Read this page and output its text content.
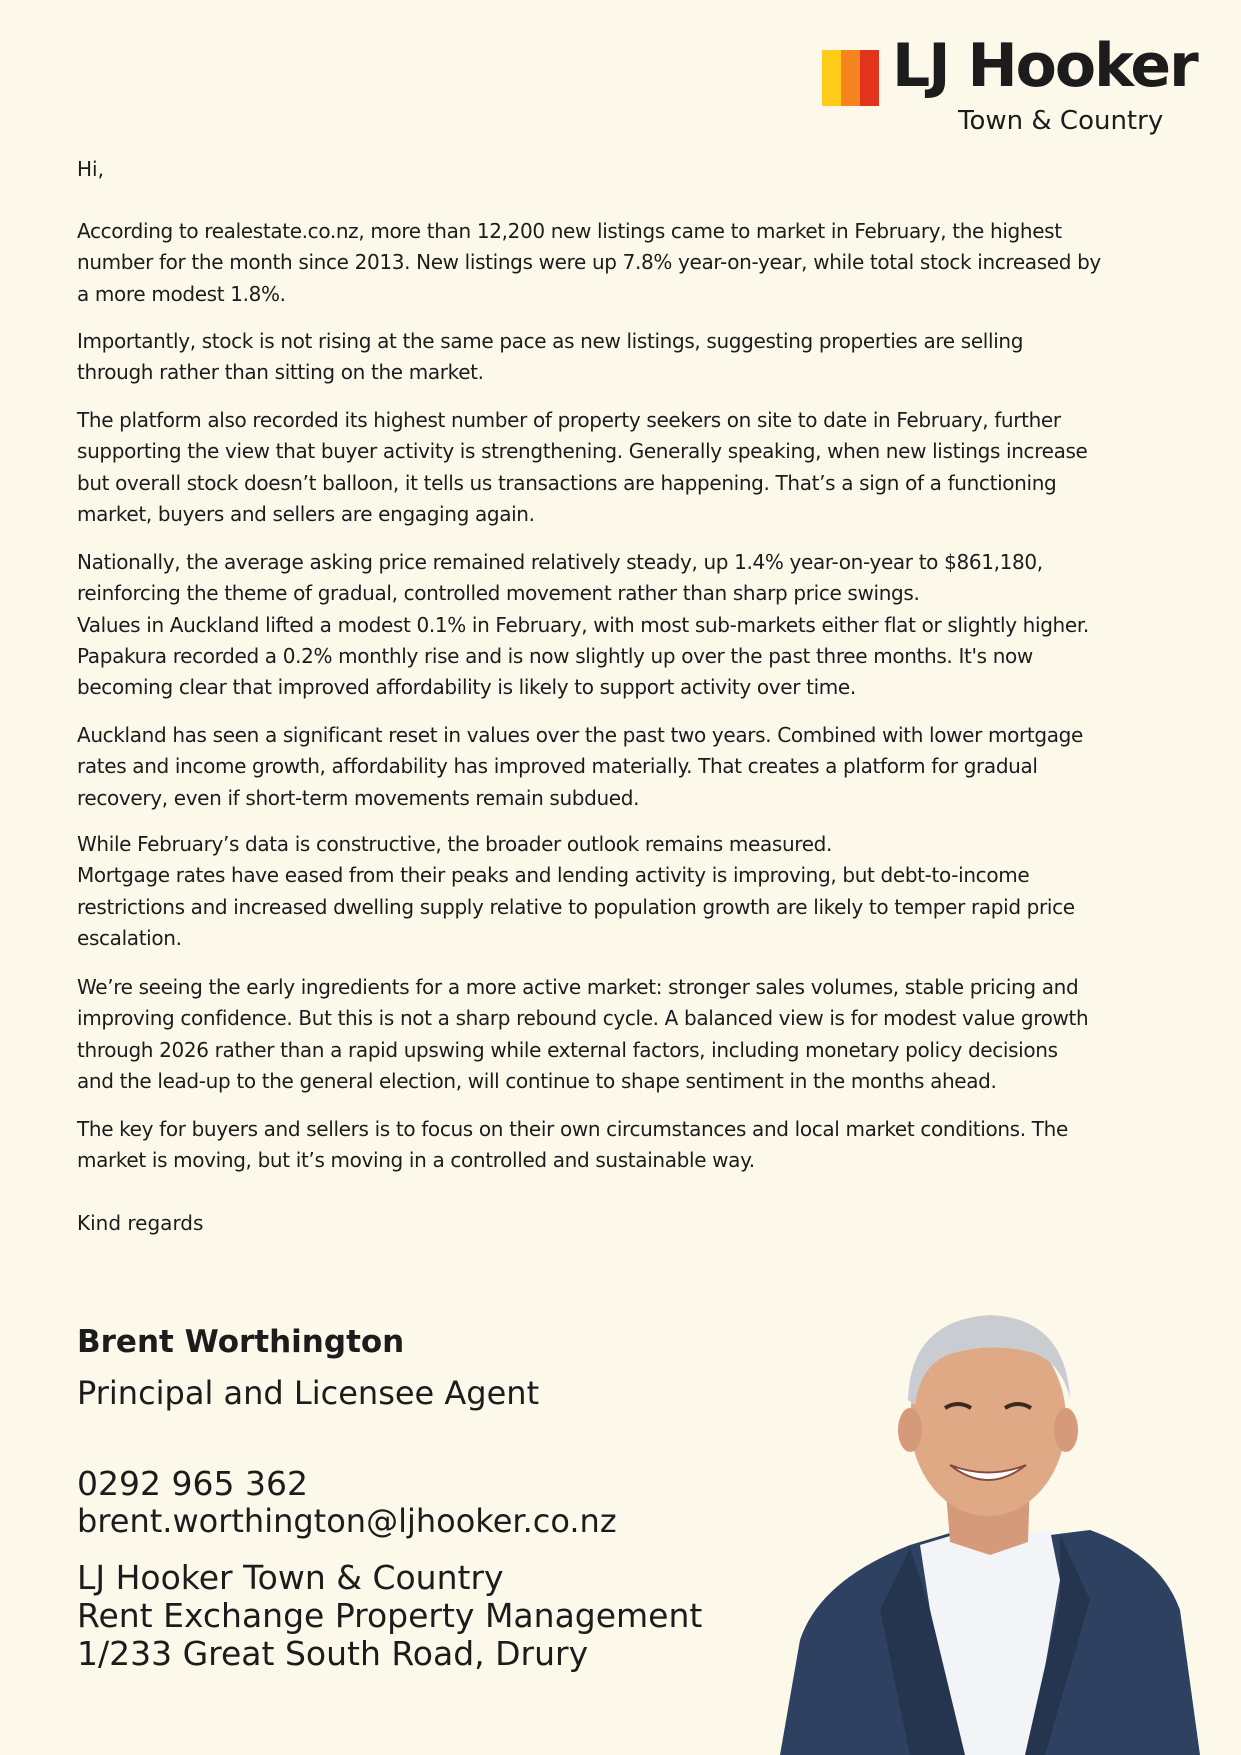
LJ Hooker
Town & Country
Hi,

According to realestate.co.nz, more than 12,200 new listings came to market in February, the highest
number for the month since 2013. New listings were up 7.8% year-on-year, while total stock increased by
a more modest 1.8%.

Importantly, stock is not rising at the same pace as new listings, suggesting properties are selling
through rather than sitting on the market.

The platform also recorded its highest number of property seekers on site to date in February, further
supporting the view that buyer activity is strengthening. Generally speaking, when new listings increase
but overall stock doesn’t balloon, it tells us transactions are happening. That’s a sign of a functioning
market, buyers and sellers are engaging again.

Nationally, the average asking price remained relatively steady, up 1.4% year-on-year to $861,180,
reinforcing the theme of gradual, controlled movement rather than sharp price swings.
Values in Auckland lifted a modest 0.1% in February, with most sub-markets either flat or slightly higher.
Papakura recorded a 0.2% monthly rise and is now slightly up over the past three months. It's now
becoming clear that improved affordability is likely to support activity over time.

Auckland has seen a significant reset in values over the past two years. Combined with lower mortgage
rates and income growth, affordability has improved materially. That creates a platform for gradual
recovery, even if short-term movements remain subdued.

While February’s data is constructive, the broader outlook remains measured.
Mortgage rates have eased from their peaks and lending activity is improving, but debt-to-income
restrictions and increased dwelling supply relative to population growth are likely to temper rapid price
escalation.

We’re seeing the early ingredients for a more active market: stronger sales volumes, stable pricing and
improving confidence. But this is not a sharp rebound cycle. A balanced view is for modest value growth
through 2026 rather than a rapid upswing while external factors, including monetary policy decisions
and the lead-up to the general election, will continue to shape sentiment in the months ahead.

The key for buyers and sellers is to focus on their own circumstances and local market conditions. The
market is moving, but it’s moving in a controlled and sustainable way.

Kind regards
Brent Worthington
Principal and Licensee Agent
0292 965 362
brent.worthington@ljhooker.co.nz
LJ Hooker Town & Country
Rent Exchange Property Management
1/233 Great South Road, Drury
